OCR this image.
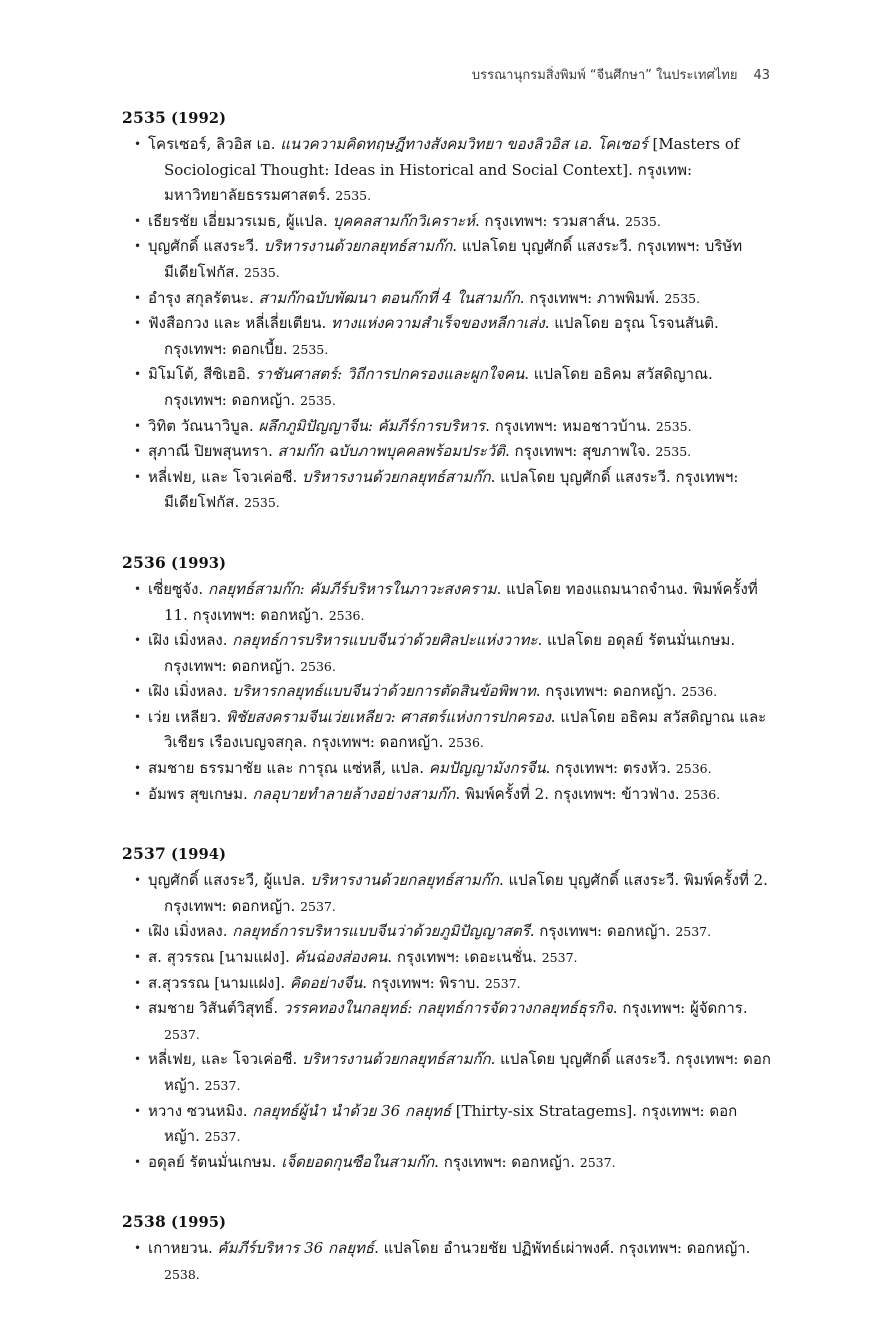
บรรณานุกรมสิ่งพิมพ์ “จีนศึกษา” ในประเทศไทย 43
2535 (1992)
• โครเซอร์, ลิวอิส เอ. แนวความคิดทฤษฎีทางสังคมวิทยา ของลิวอิส เอ. โคเซอร์ [Masters of Sociological Thought: Ideas in Historical and Social Context]. กรุงเทพ: มหาวิทยาลัยธรรมศาสตร์. 2535.
• เธียรชัย เอี่ยมวรเมธ, ผู้แปล. บุคคลสามก๊กวิเคราะห์. กรุงเทพฯ: รวมสาส์น. 2535.
• บุญศักดิ์ แสงระวี. บริหารงานด้วยกลยุทธ์สามก๊ก. แปลโดย บุญศักดิ์ แสงระวี. กรุงเทพฯ: บริษัทมีเดียโฟกัส. 2535.
• อำรุง สกุลรัตนะ. สามก๊กฉบับพัฒนา ตอนก๊กที่ 4 ในสามก๊ก. กรุงเทพฯ: ภาพพิมพ์. 2535.
• ฟังสือกวง และ หลี่เลี่ยเตียน. ทางแห่งความสำเร็จของหลีกาเส่ง. แปลโดย อรุณ โรจนสันติ. กรุงเทพฯ: ดอกเบี้ย. 2535.
• มิโมโต้, สีซิเฮอิ. ราชันศาสตร์: วิถีการปกครองและผูกใจคน. แปลโดย อธิคม สวัสดิญาณ. กรุงเทพฯ: ดอกหญ้า. 2535.
• วิทิต วัณนาวิบูล. ผลึกภูมิปัญญาจีน: คัมภีร์การบริหาร. กรุงเทพฯ: หมอชาวบ้าน. 2535.
• สุภาณี ปิยพสุนทรา. สามก๊ก ฉบับภาพบุคคลพร้อมประวัติ. กรุงเทพฯ: สุขภาพใจ. 2535.
• หลี่เฟย, และ โจวเค่อซี. บริหารงานด้วยกลยุทธ์สามก๊ก. แปลโดย บุญศักดิ์ แสงระวี. กรุงเทพฯ: มีเดียโฟกัส. 2535.
2536 (1993)
• เซี่ยซูจัง. กลยุทธ์สามก๊ก: คัมภีร์บริหารในภาวะสงคราม. แปลโดย ทองแถมนาถจำนง. พิมพ์ครั้งที่ 11. กรุงเทพฯ: ดอกหญ้า. 2536.
• เฝิง เมิ่งหลง. กลยุทธ์การบริหารแบบจีนว่าด้วยศิลปะแห่งวาทะ. แปลโดย อดุลย์ รัตนมั่นเกษม. กรุงเทพฯ: ดอกหญ้า. 2536.
• เฝิง เมิ่งหลง. บริหารกลยุทธ์แบบจีนว่าด้วยการตัดสินข้อพิพาท. กรุงเทพฯ: ดอกหญ้า. 2536.
• เว่ย เหลียว. พิชัยสงครามจีนเว่ยเหลียว: ศาสตร์แห่งการปกครอง. แปลโดย อธิคม สวัสดิญาณ และ วิเชียร เรืองเบญจสกุล. กรุงเทพฯ: ดอกหญ้า. 2536.
• สมชาย ธรรมาชัย และ การุณ แซ่หลี, แปล. คมปัญญามังกรจีน. กรุงเทพฯ: ตรงหัว. 2536.
• อัมพร สุขเกษม. กลอุบายทำลายล้างอย่างสามก๊ก. พิมพ์ครั้งที่ 2. กรุงเทพฯ: ข้าวฟ่าง. 2536.
2537 (1994)
• บุญศักดิ์ แสงระวี, ผู้แปล. บริหารงานด้วยกลยุทธ์สามก๊ก. แปลโดย บุญศักดิ์ แสงระวี. พิมพ์ครั้งที่ 2. กรุงเทพฯ: ดอกหญ้า. 2537.
• เฝิง เมิ่งหลง. กลยุทธ์การบริหารแบบจีนว่าด้วยภูมิปัญญาสตรี. กรุงเทพฯ: ดอกหญ้า. 2537.
• ส. สุวรรณ [นามแฝง]. คันฉ่องส่องคน. กรุงเทพฯ: เดอะเนชั่น. 2537.
• ส.สุวรรณ [นามแฝง]. คิดอย่างจีน. กรุงเทพฯ: พิราบ. 2537.
• สมชาย วิสันต์วิสุทธิ์. วรรคทองในกลยุทธ์: กลยุทธ์การจัดวางกลยุทธ์ธุรกิจ. กรุงเทพฯ: ผู้จัดการ. 2537.
• หลี่เฟย, และ โจวเค่อซี. บริหารงานด้วยกลยุทธ์สามก๊ก. แปลโดย บุญศักดิ์ แสงระวี. กรุงเทพฯ: ดอกหญ้า. 2537.
• หวาง ซวนหมิง. กลยุทธ์ผู้นำ นำด้วย 36 กลยุทธ์ [Thirty-six Stratagems]. กรุงเทพฯ: ดอกหญ้า. 2537.
• อดุลย์ รัตนมั่นเกษม. เจ็ดยอดกุนซือในสามก๊ก. กรุงเทพฯ: ดอกหญ้า. 2537.
2538 (1995)
• เกาหยวน. คัมภีร์บริหาร 36 กลยุทธ์. แปลโดย อำนวยชัย ปฏิพัทธ์เผ่าพงศ์. กรุงเทพฯ: ดอกหญ้า. 2538.
